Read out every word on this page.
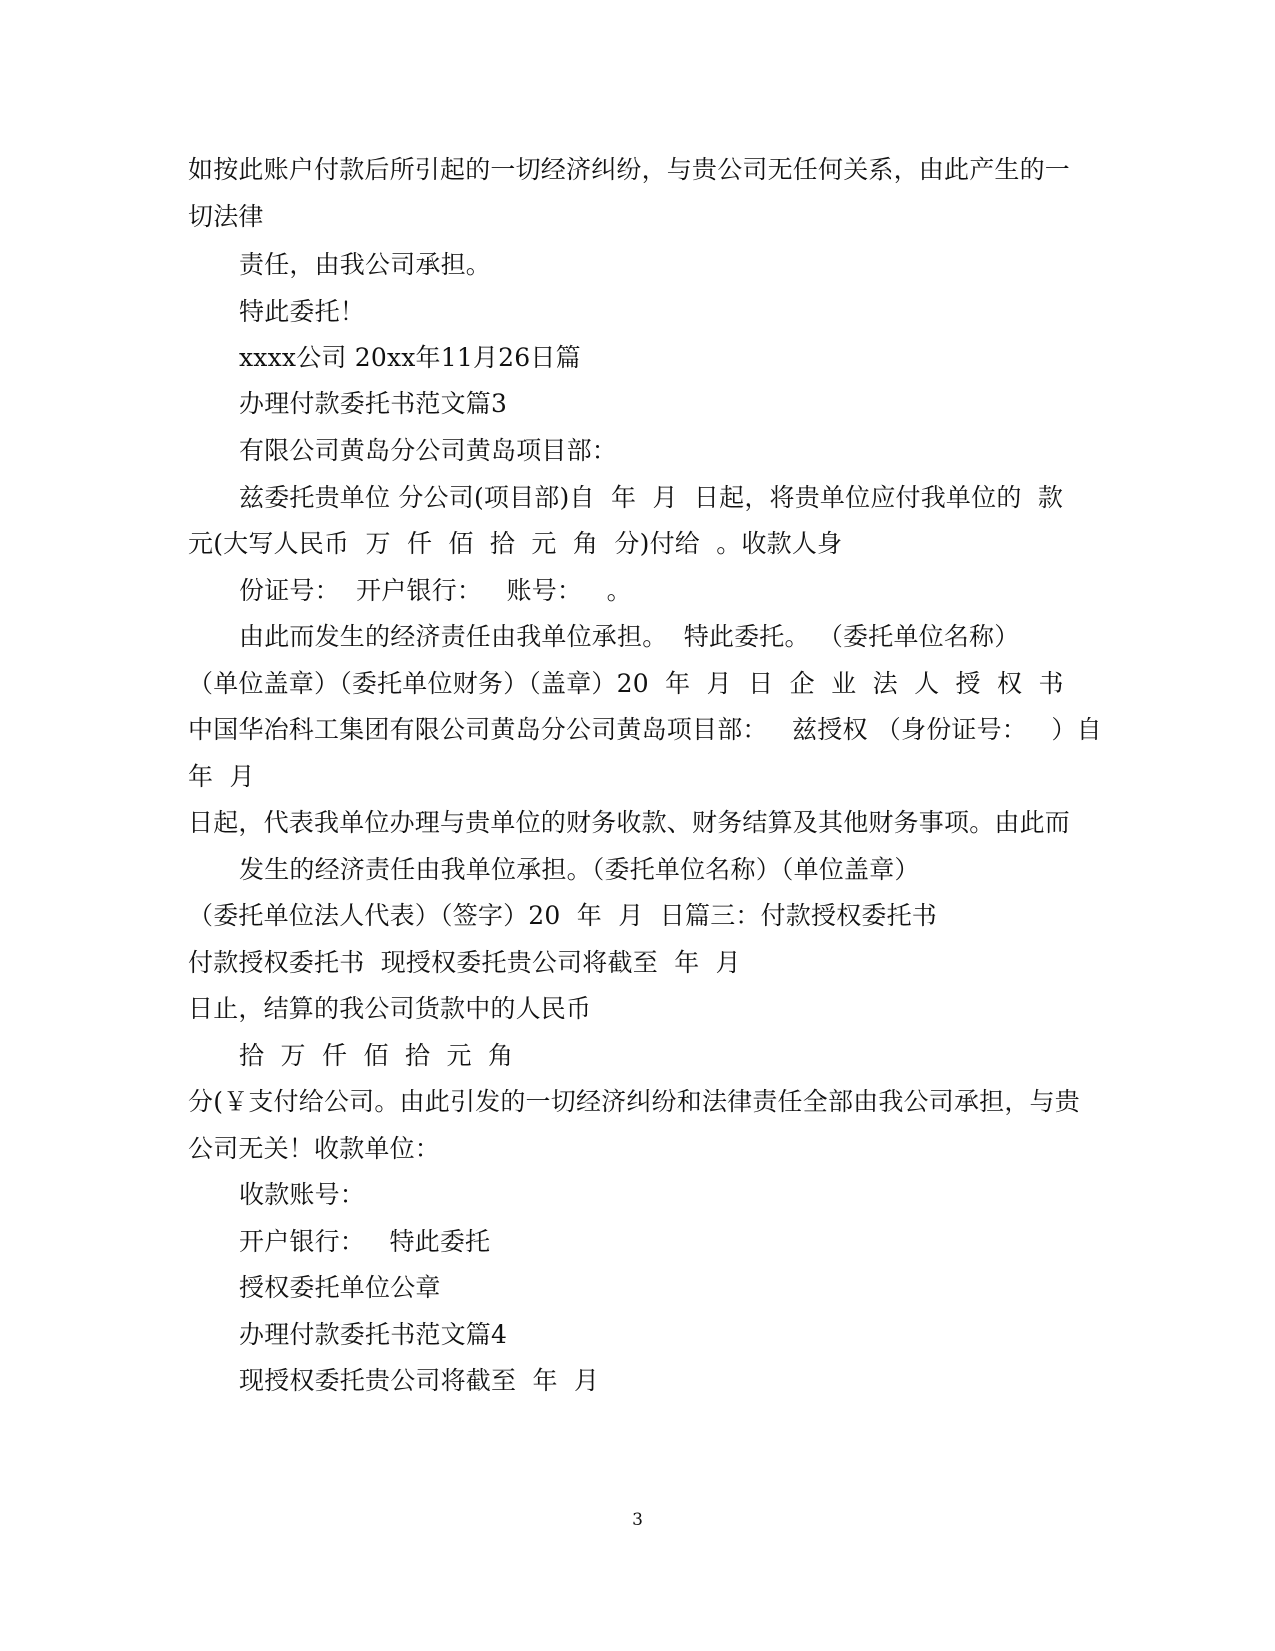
如按此账户付款后所引起的一切经济纠纷，与贵公司无任何关系，由此产生的一
切法律
责任，由我公司承担。
特此委托！
xxxx公司 20xx年11月26日篇
办理付款委托书范文篇3
有限公司黄岛分公司黄岛项目部：
兹委托贵单位 分公司(项目部)自  年  月  日起，将贵单位应付我单位的  款
元(大写人民币  万  仟  佰  拾  元  角  分)付给  。收款人身
份证号：  开户银行：   账号：   。
由此而发生的经济责任由我单位承担。  特此委托。 （委托单位名称）
（单位盖章）（委托单位财务）（盖章）20  年  月  日  企  业  法  人  授  权  书
中国华冶科工集团有限公司黄岛分公司黄岛项目部：   兹授权 （身份证号：   ）自
年  月
日起，代表我单位办理与贵单位的财务收款、财务结算及其他财务事项。由此而
发生的经济责任由我单位承担。（委托单位名称）（单位盖章）
（委托单位法人代表）（签字）20  年  月  日篇三：付款授权委托书
付款授权委托书  现授权委托贵公司将截至  年  月
日止，结算的我公司货款中的人民币
拾  万  仟  佰  拾  元  角
分(￥支付给公司。由此引发的一切经济纠纷和法律责任全部由我公司承担，与贵
公司无关！收款单位：
收款账号：
开户银行：   特此委托
授权委托单位公章
办理付款委托书范文篇4
现授权委托贵公司将截至  年  月
3
